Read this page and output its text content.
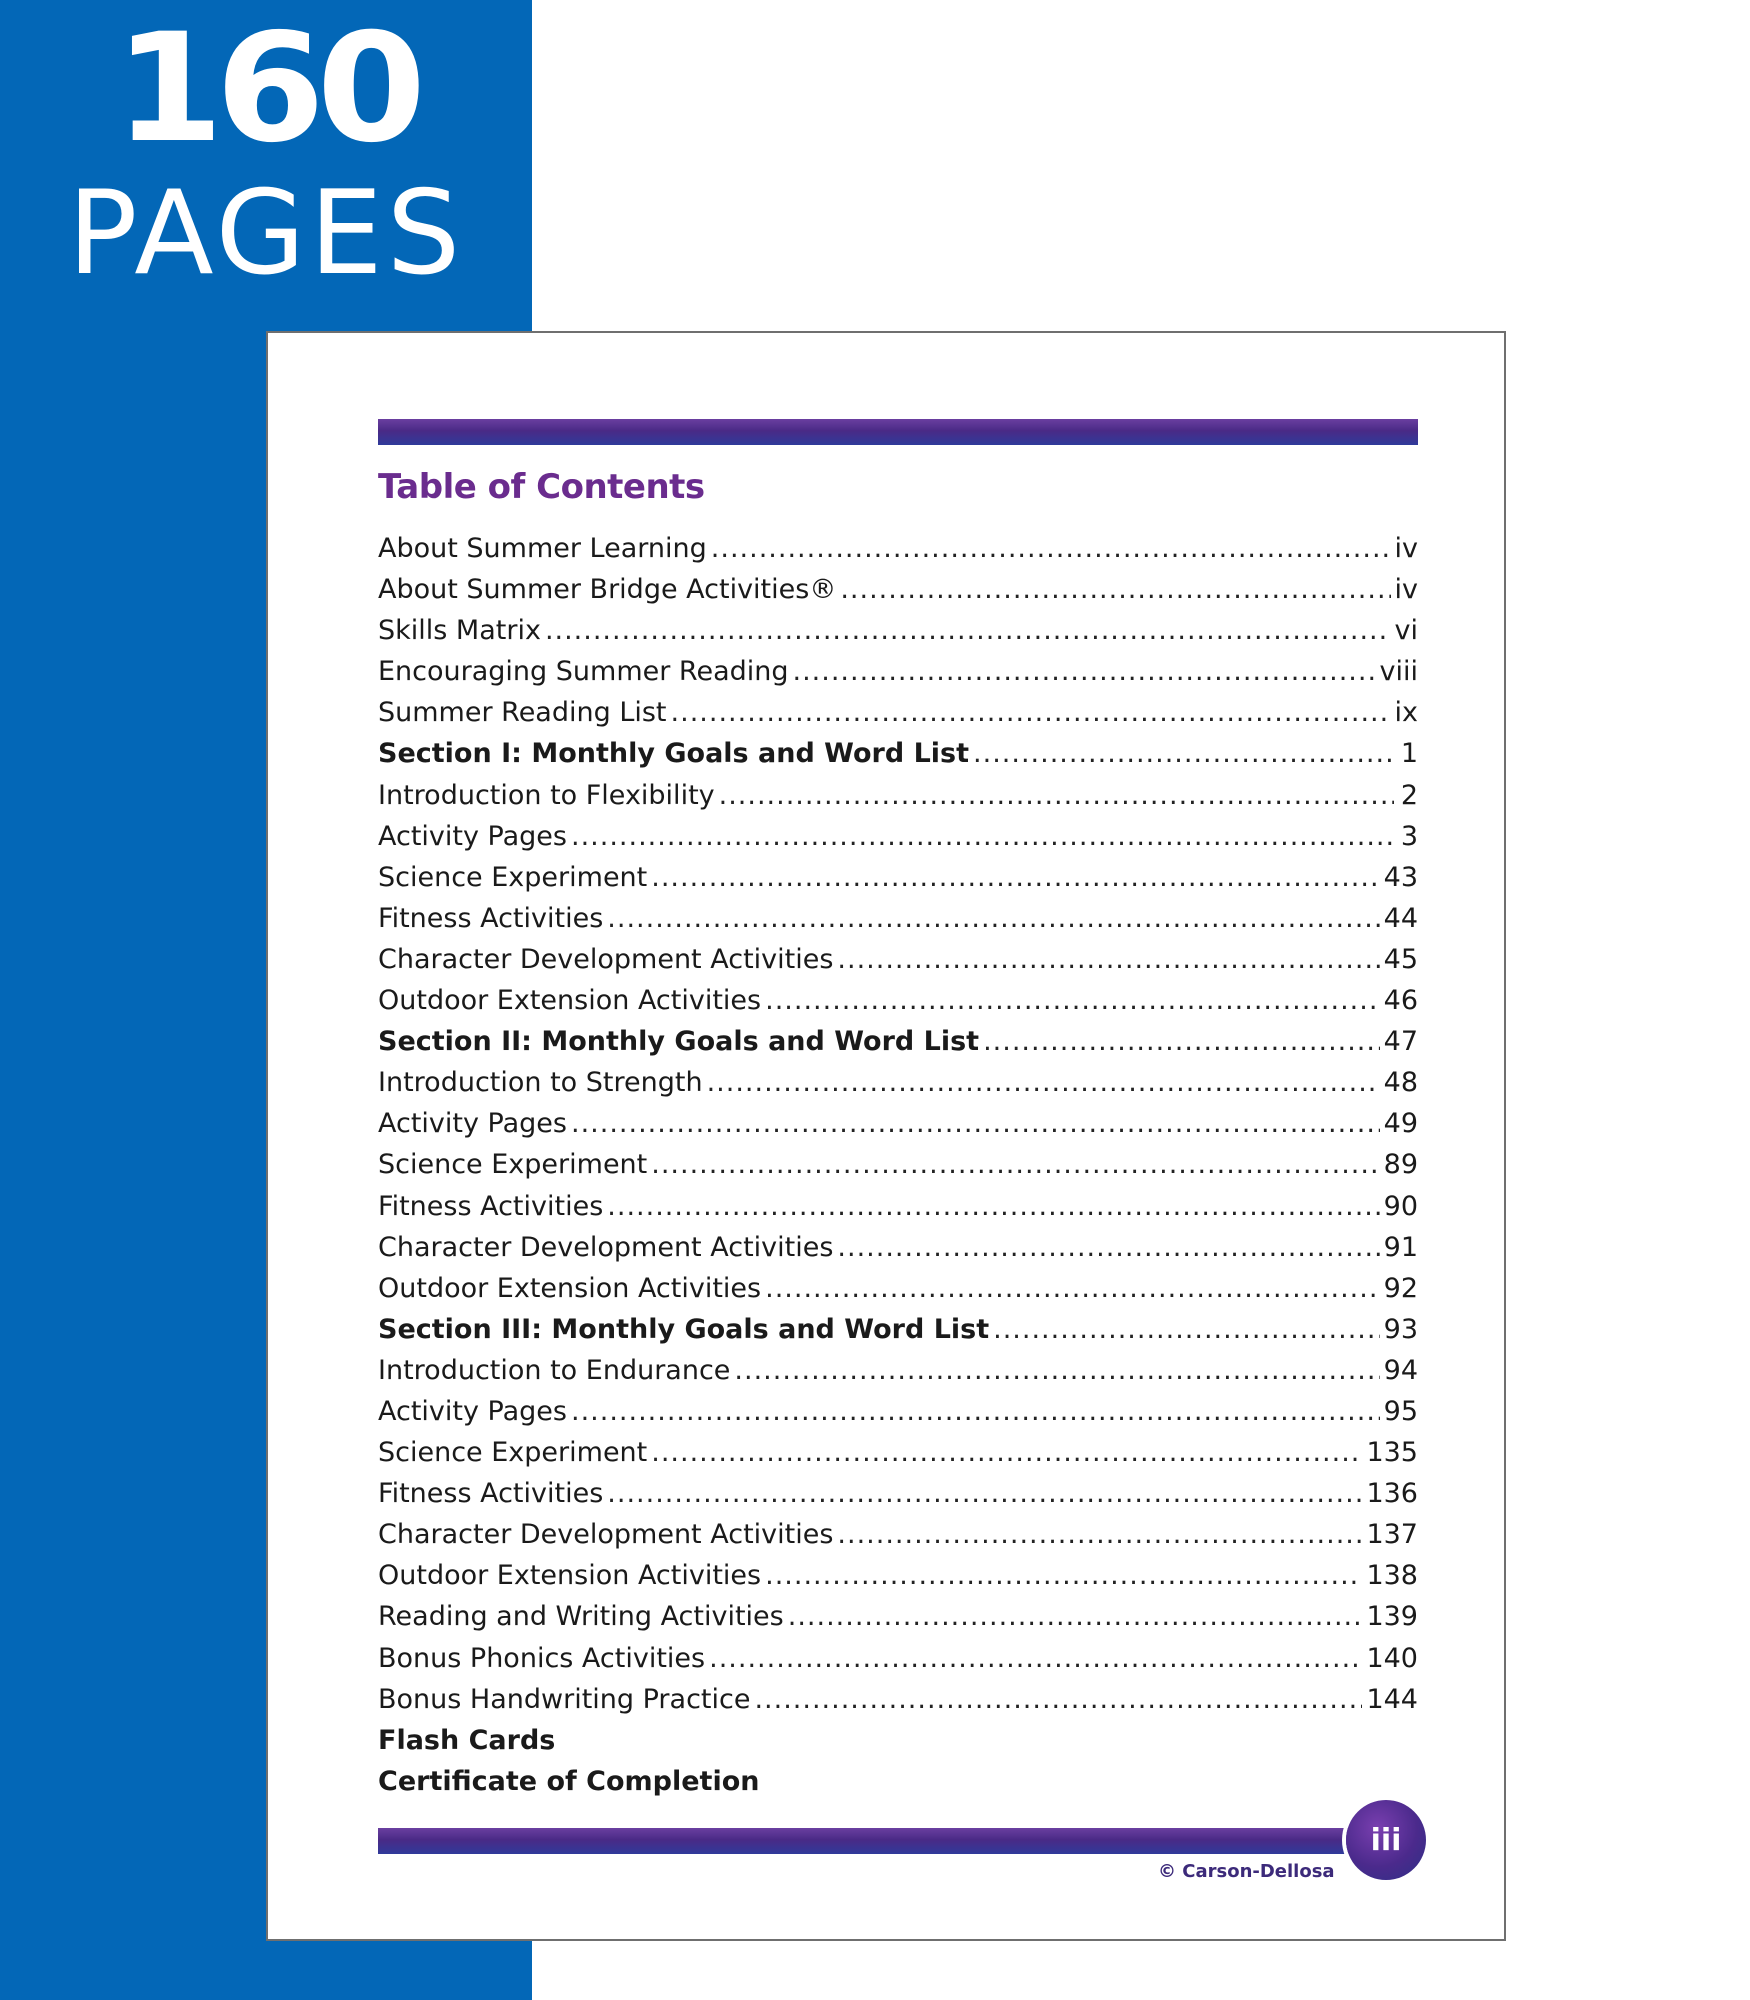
160
PAGES
Table of Contents
About Summer Learning .....	iv
About Summer Bridge Activities® .....	iv
Skills Matrix .....	vi
Encouraging Summer Reading .....	viii
Summer Reading List .....	ix
Section I: Monthly Goals and Word List .....	1
Introduction to Flexibility .....	2
Activity Pages .....	3
Science Experiment .....	43
Fitness Activities .....	44
Character Development Activities .....	45
Outdoor Extension Activities .....	46
Section II: Monthly Goals and Word List .....	47
Introduction to Strength .....	48
Activity Pages .....	49
Science Experiment .....	89
Fitness Activities .....	90
Character Development Activities .....	91
Outdoor Extension Activities .....	92
Section III: Monthly Goals and Word List .....	93
Introduction to Endurance .....	94
Activity Pages .....	95
Science Experiment .....	135
Fitness Activities .....	136
Character Development Activities .....	137
Outdoor Extension Activities .....	138
Reading and Writing Activities .....	139
Bonus Phonics Activities .....	140
Bonus Handwriting Practice .....	144
Flash Cards
Certificate of Completion
iii
© Carson-Dellosa
